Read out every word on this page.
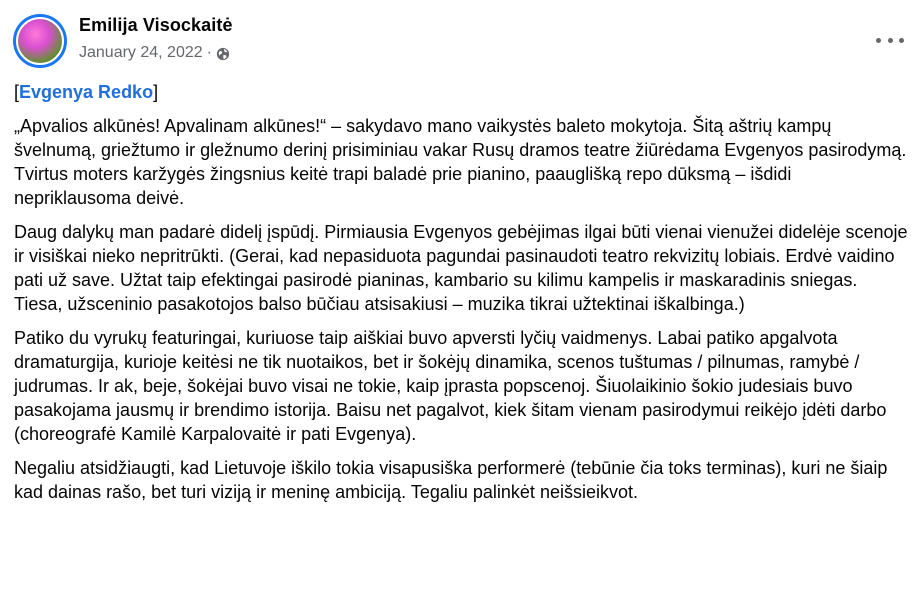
Emilija Visockaitė
January 24, 2022 ·

[Evgenya Redko]

„Apvalios alkūnės! Apvalinam alkūnes!“ – sakydavo mano vaikystės baleto mokytoja. Šitą aštrių kampų švelnumą, griežtumo ir gležnumo derinį prisiminiau vakar Rusų dramos teatre žiūrėdama Evgenyos pasirodymą. Tvirtus moters karžygės žingsnius keitė trapi baladė prie pianino, paauglišką repo dūksmą – išdidi nepriklausoma deivė.

Daug dalykų man padarė didelį įspūdį. Pirmiausia Evgenyos gebėjimas ilgai būti vienai vienužei didelėje scenoje ir visiškai nieko nepritrūkti. (Gerai, kad nepasiduota pagundai pasinaudoti teatro rekvizitų lobiais. Erdvė vaidino pati už save. Užtat taip efektingai pasirodė pianinas, kambario su kilimu kampelis ir maskaradinis sniegas. Tiesa, užsceninio pasakotojos balso būčiau atsisakiusi – muzika tikrai užtektinai iškalbinga.)

Patiko du vyrukų featuringai, kuriuose taip aiškiai buvo apversti lyčių vaidmenys. Labai patiko apgalvota dramaturgija, kurioje keitėsi ne tik nuotaikos, bet ir šokėjų dinamika, scenos tuštumas / pilnumas, ramybė / judrumas. Ir ak, beje, šokėjai buvo visai ne tokie, kaip įprasta popscenoj. Šiuolaikinio šokio judesiais buvo pasakojama jausmų ir brendimo istorija. Baisu net pagalvot, kiek šitam vienam pasirodymui reikėjo įdėti darbo (choreografė Kamilė Karpalovaitė ir pati Evgenya).

Negaliu atsidžiaugti, kad Lietuvoje iškilo tokia visapusiška performerė (tebūnie čia toks terminas), kuri ne šiaip kad dainas rašo, bet turi viziją ir meninę ambiciją. Tegaliu palinkėt neišsieikvot.
